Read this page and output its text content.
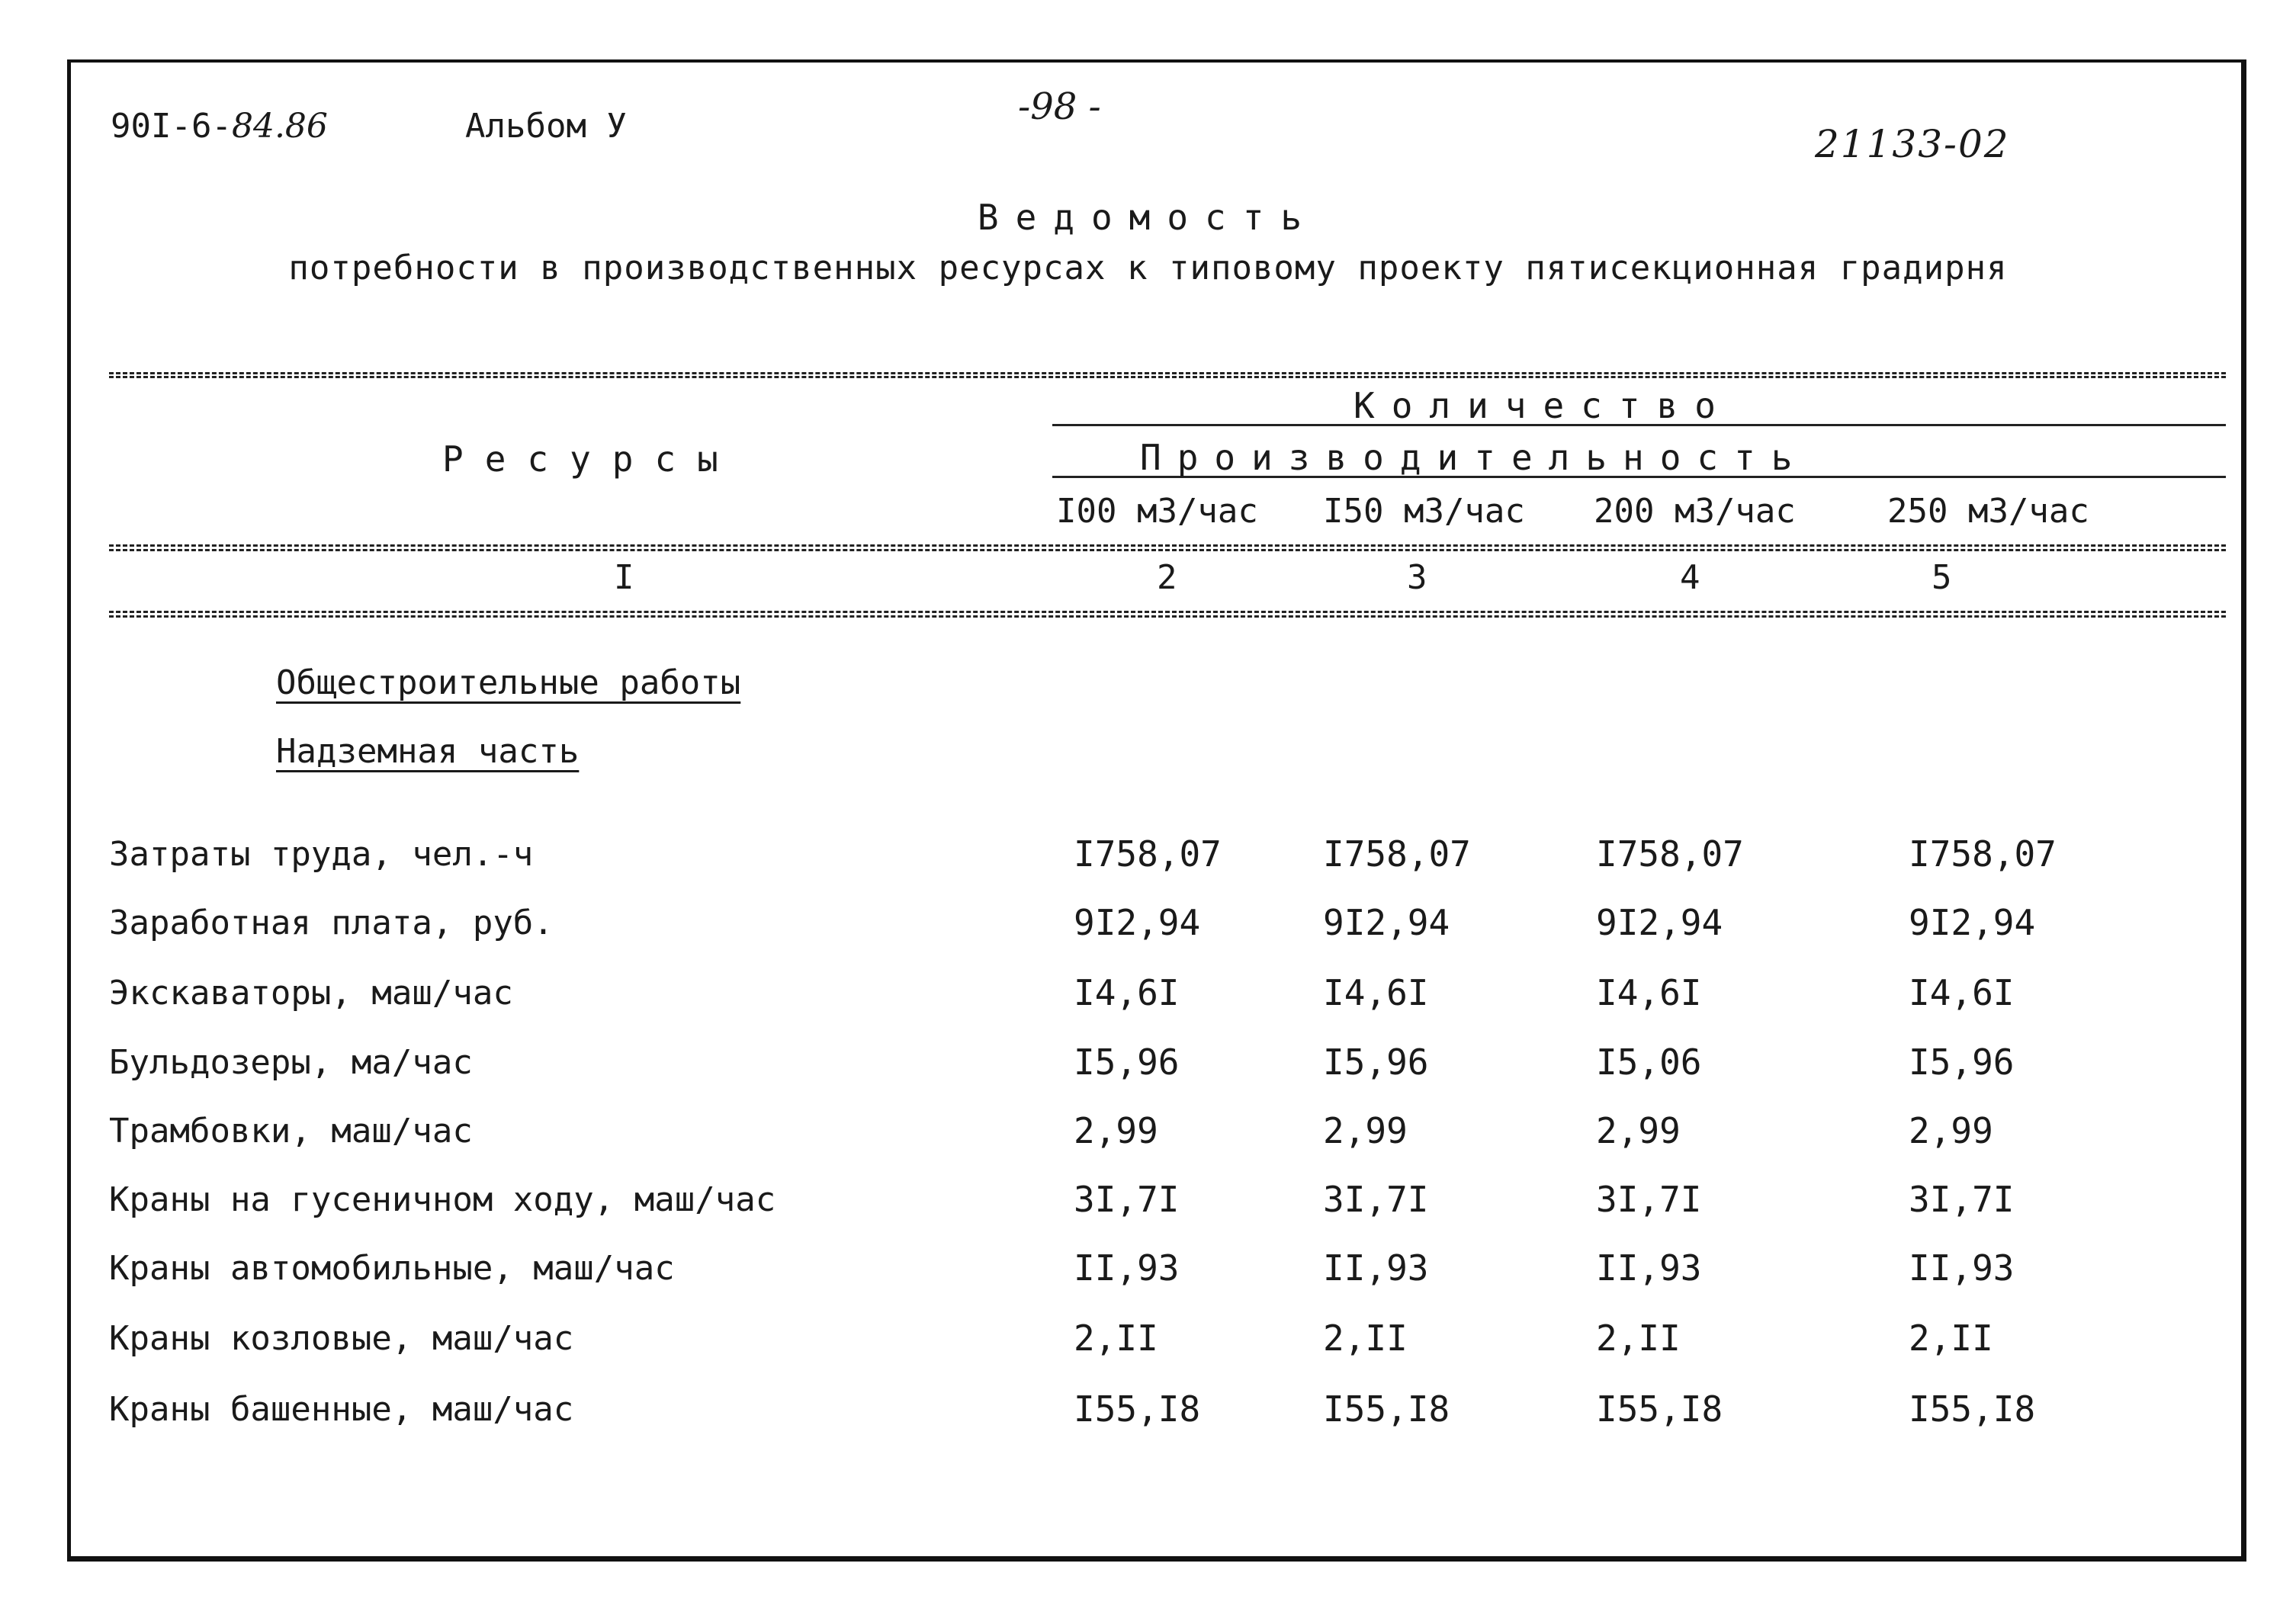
90I-6-84.86	Альбом У	-98 -
21133-02
Ведомость
потребности в производственных ресурсах к типовому проекту пятисекционная градирня
Ресурсы
Количество
Производительность
I00 м3/час I50 м3/час 200 м3/час	250 м3/час
I	2	3	4	5
Общестроительные работы
Надземная часть
Затраты труда, чел.-ч	I758,07	I758,07	I758,07	I758,07
Заработная плата, руб.	9I2,94	9I2,94	9I2,94	9I2,94
Экскаваторы, маш/час	I4,6I	I4,6I	I4,6I	I4,6I
Бульдозеры, ма/час	I5,96	I5,96	I5,06	I5,96
Трамбовки, маш/час	2,99	2,99	2,99	2,99
Краны на гусеничном ходу, маш/час	3I,7I	3I,7I	3I,7I	3I,7I
Краны автомобильные, маш/час	II,93	II,93	II,93	II,93
Краны козловые, маш/час	2,II	2,II	2,II	2,II
Краны башенные, маш/час	I55,I8	I55,I8	I55,I8	I55,I8
